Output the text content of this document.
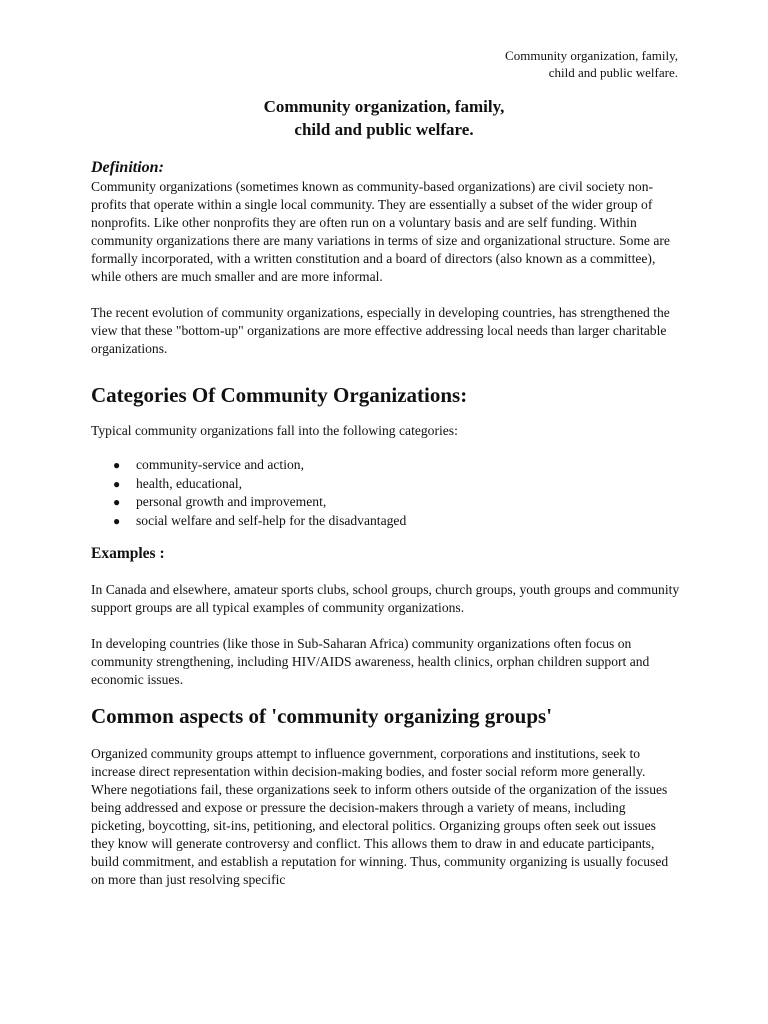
Community organization, family,
child and public welfare.
Community organization, family,
child and public welfare.
Definition:

Community organizations (sometimes known as community-based organizations) are civil society non-profits that operate within a single local community. They are essentially a subset of the wider group of nonprofits. Like other nonprofits they are often run on a voluntary basis and are self funding. Within community organizations there are many variations in terms of size and organizational structure. Some are formally incorporated, with a written constitution and a board of directors (also known as a committee), while others are much smaller and are more informal.

The recent evolution of community organizations, especially in developing countries, has strengthened the view that these "bottom-up" organizations are more effective addressing local needs than larger charitable organizations.

Categories Of Community Organizations:

Typical community organizations fall into the following categories:

● community-service and action,
● health, educational,
● personal growth and improvement,
● social welfare and self-help for the disadvantaged
Examples :

In Canada and elsewhere, amateur sports clubs, school groups, church groups, youth groups and community support groups are all typical examples of community organizations.

In developing countries (like those in Sub-Saharan Africa) community organizations often focus on community strengthening, including HIV/AIDS awareness, health clinics, orphan children support and economic issues.

Common aspects of 'community organizing groups'

Organized community groups attempt to influence government, corporations and institutions, seek to increase direct representation within decision-making bodies, and foster social reform more generally. Where negotiations fail, these organizations seek to inform others outside of the organization of the issues being addressed and expose or pressure the decision-makers through a variety of means, including picketing, boycotting, sit-ins, petitioning, and electoral politics. Organizing groups often seek out issues they know will generate controversy and conflict. This allows them to draw in and educate participants, build commitment, and establish a reputation for winning. Thus, community organizing is usually focused on more than just resolving specific
